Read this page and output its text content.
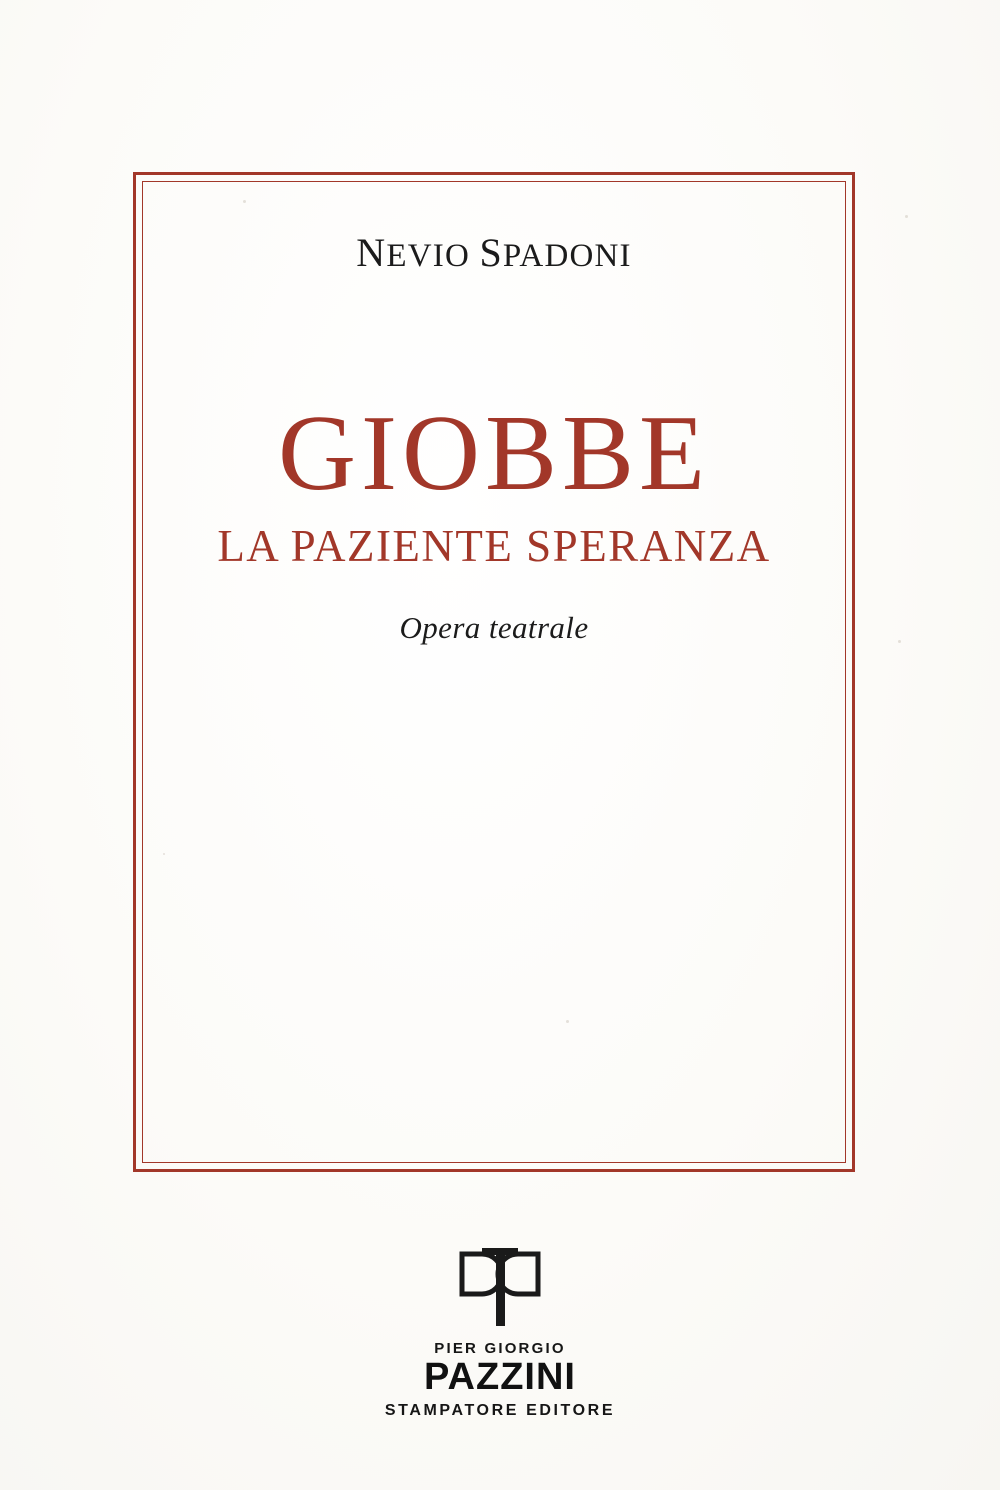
NEVIO SPADONI
GIOBBE
LA PAZIENTE SPERANZA
Opera teatrale
PIER GIORGIO
PAZZINI
STAMPATORE EDITORE
